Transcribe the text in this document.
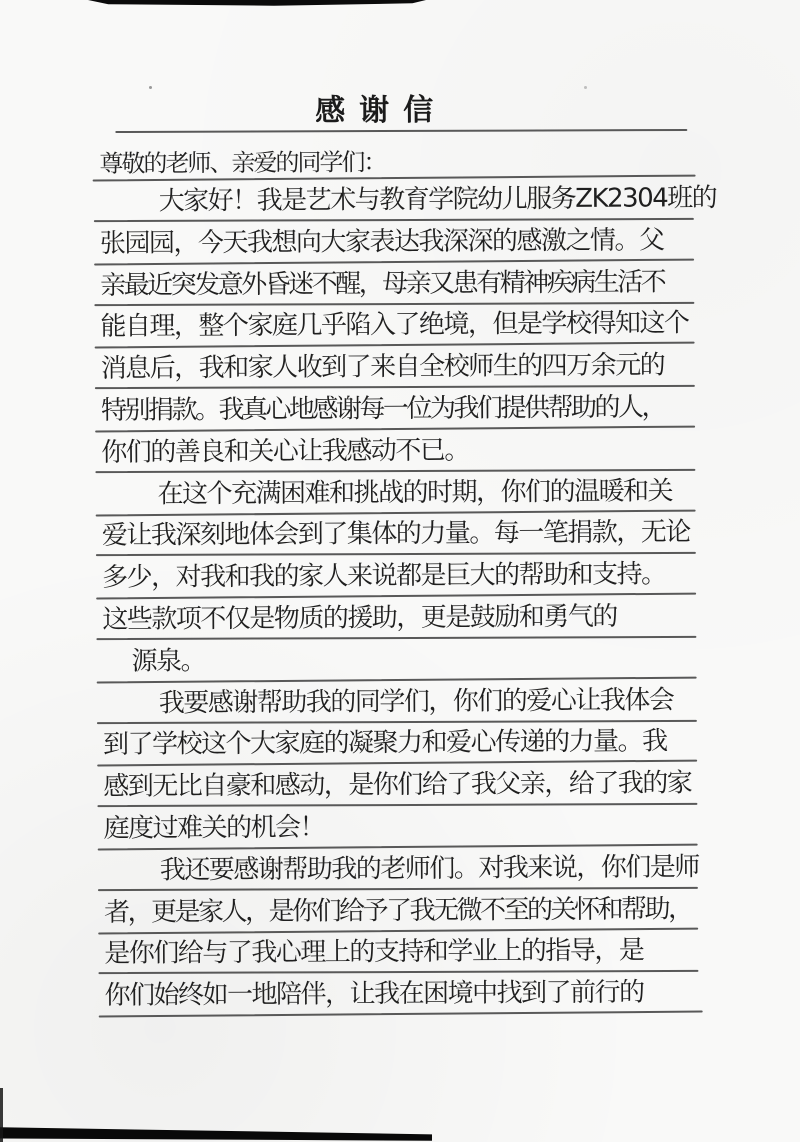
感谢信
尊敬的老师、亲爱的同学们：
大家好！我是艺术与教育学院幼儿服务ZK2304班的
张园园，今天我想向大家表达我深深的感激之情。父
亲最近突发意外昏迷不醒，母亲又患有精神疾病生活不
能自理，整个家庭几乎陷入了绝境，但是学校得知这个
消息后，我和家人收到了来自全校师生的四万余元的
特别捐款。我真心地感谢每一位为我们提供帮助的人，
你们的善良和关心让我感动不已。
在这个充满困难和挑战的时期，你们的温暖和关
爱让我深刻地体会到了集体的力量。每一笔捐款，无论
多少，对我和我的家人来说都是巨大的帮助和支持。
这些款项不仅是物质的援助，更是鼓励和勇气的
源泉。
我要感谢帮助我的同学们，你们的爱心让我体会
到了学校这个大家庭的凝聚力和爱心传递的力量。我
感到无比自豪和感动，是你们给了我父亲，给了我的家
庭度过难关的机会！
我还要感谢帮助我的老师们。对我来说，你们是师
者，更是家人，是你们给予了我无微不至的关怀和帮助，
是你们给与了我心理上的支持和学业上的指导，是
你们始终如一地陪伴，让我在困境中找到了前行的
